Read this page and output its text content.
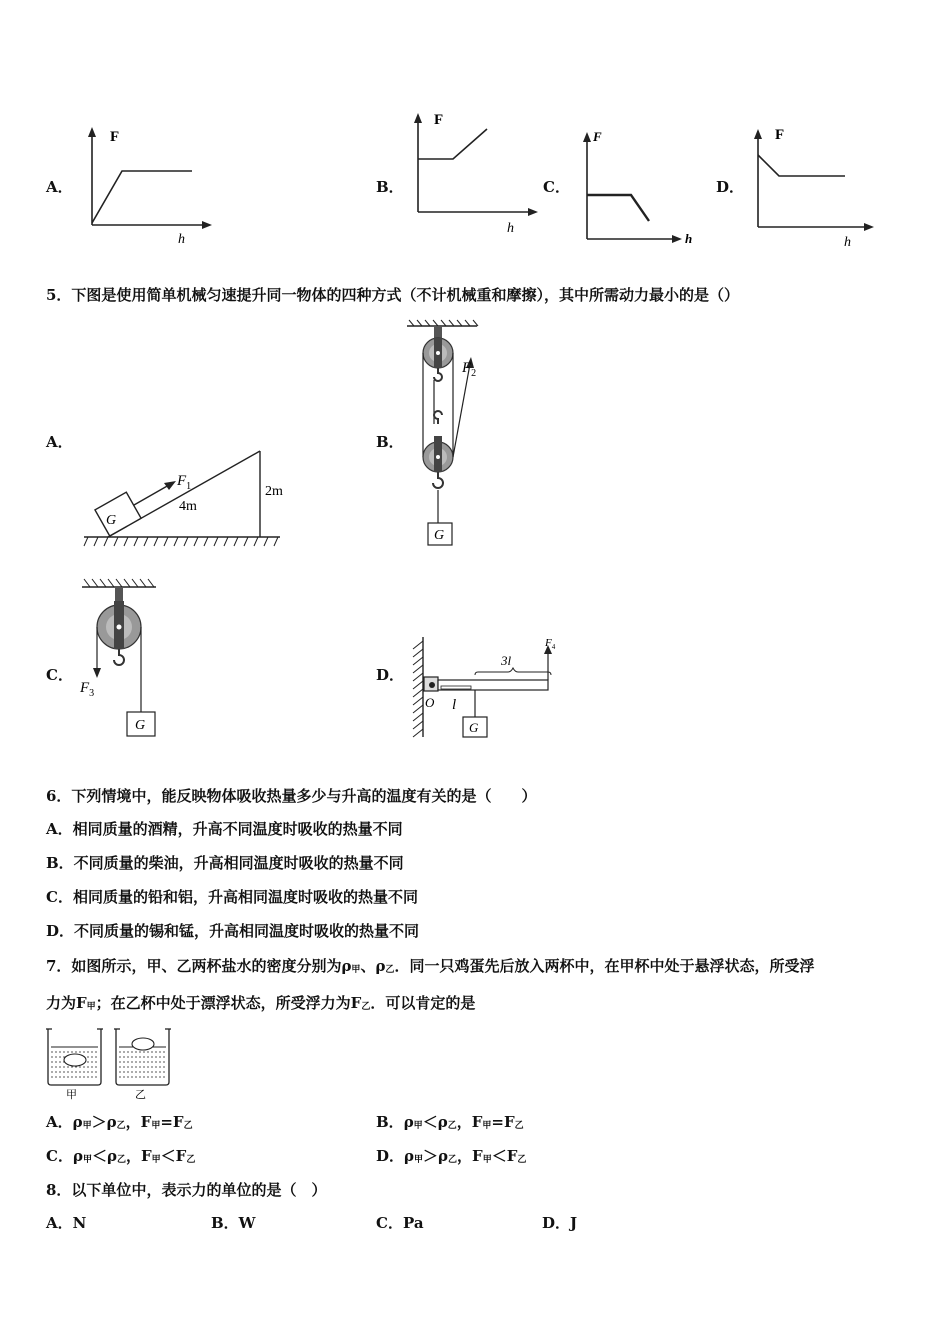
A．
F
h
B．
F
h
C．
F
h
D．
F
h
5．下图是使用简单机械匀速提升同一物体的四种方式（不计机械重和摩擦），其中所需动力最小的是（）
A．
G
$F_1$
4m
2m
B．
$F_2$
G
C．
$F_3$
G
D．
O l
G
3l
$F_4$
6．下列情境中，能反映物体吸收热量多少与升高的温度有关的是（　　）
A．相同质量的酒精，升高不同温度时吸收的热量不同
B．不同质量的柴油，升高相同温度时吸收的热量不同
C．相同质量的铅和铝，升高相同温度时吸收的热量不同
D．不同质量的锡和锰，升高相同温度时吸收的热量不同
7．如图所示，甲、乙两杯盐水的密度分别为$\rho_甲$、$\rho_乙$．同一只鸡蛋先后放入两杯中，在甲杯中处于悬浮状态，所受浮
力为$F_甲$；在乙杯中处于漂浮状态，所受浮力为$F_乙$．可以肯定的是
甲	乙
A．$\rho_甲>\rho_乙$，$F_甲=F_乙$	B．$\rho_甲<\rho_乙$，$F_甲=F_乙$
C．$\rho_甲<\rho_乙$，$F_甲<F_乙$	D．$\rho_甲>\rho_乙$，$F_甲<F_乙$
8．以下单位中，表示力的单位的是（　）
A．N	B．W	C．Pa	D．J
